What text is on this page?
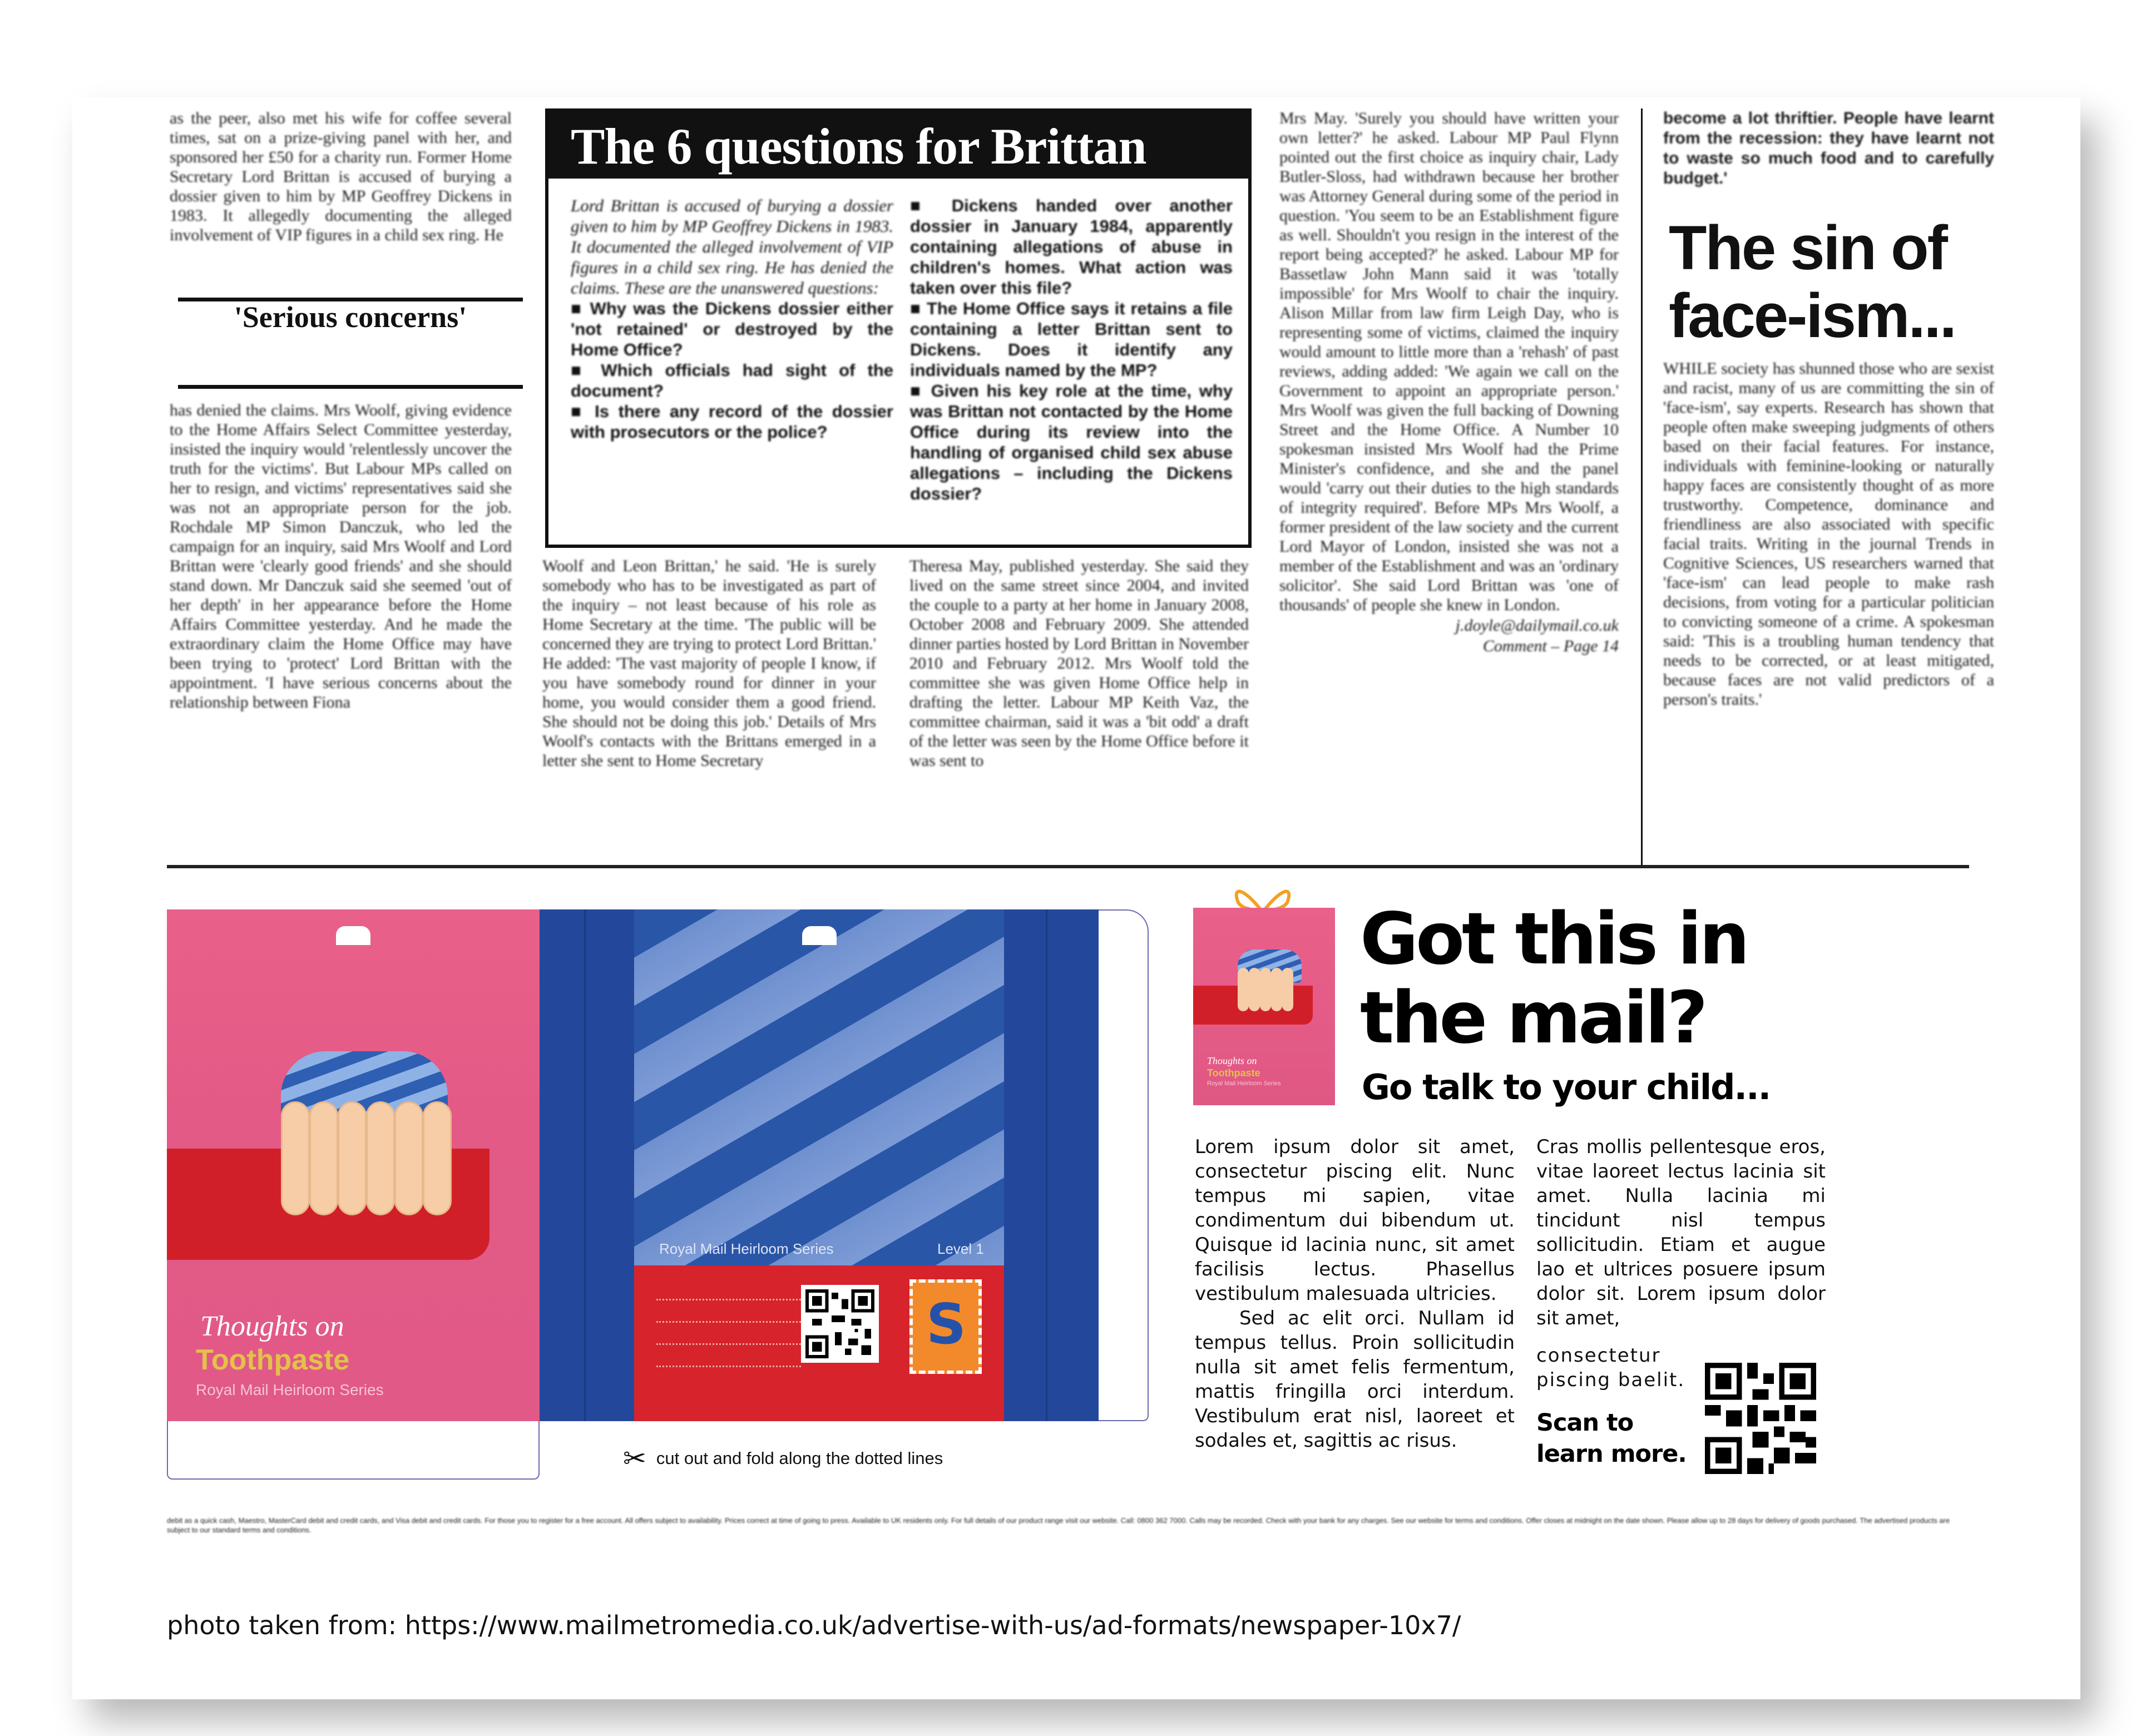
as the peer, also met his wife for coffee several times, sat on a prize-giving panel with her, and sponsored her £50 for a charity run. Former Home Secretary Lord Brittan is accused of burying a dossier given to him by MP Geoffrey Dickens in 1983. It allegedly documenting the alleged involvement of VIP figures in a child sex ring. He

'Serious concerns'

has denied the claims. Mrs Woolf, giving evidence to the Home Affairs Select Committee yesterday, insisted the inquiry would 'relentlessly uncover the truth for the victims'. But Labour MPs called on her to resign, and victims' representatives said she was not an appropriate person for the job. Rochdale MP Simon Danczuk, who led the campaign for an inquiry, said Mrs Woolf and Lord Brittan were 'clearly good friends' and she should stand down. Mr Danczuk said she seemed 'out of her depth' in her appearance before the Home Affairs Committee yesterday. And he made the extraordinary claim the Home Office may have been trying to 'protect' Lord Brittan with the appointment. 'I have serious concerns about the relationship between Fiona

The 6 questions for Brittan

Lord Brittan is accused of burying a dossier given to him by MP Geoffrey Dickens in 1983. It documented the alleged involvement of VIP figures in a child sex ring. He has denied the claims. These are the unanswered questions:

■ Why was the Dickens dossier either 'not retained' or destroyed by the Home Office?

■ Which officials had sight of the document?

■ Is there any record of the dossier with prosecutors or the police?

■ Dickens handed over another dossier in January 1984, apparently containing allegations of abuse in children's homes. What action was taken over this file?

■ The Home Office says it retains a file containing a letter Brittan sent to Dickens. Does it identify any individuals named by the MP?

■ Given his key role at the time, why was Brittan not contacted by the Home Office during its review into the handling of organised child sex abuse allegations – including the Dickens dossier?

Woolf and Leon Brittan,' he said. 'He is surely somebody who has to be investigated as part of the inquiry – not least because of his role as Home Secretary at the time. 'The public will be concerned they are trying to protect Lord Brittan.' He added: 'The vast majority of people I know, if you have somebody round for dinner in your home, you would consider them a good friend. She should not be doing this job.' Details of Mrs Woolf's contacts with the Brittans emerged in a letter she sent to Home Secretary

Theresa May, published yesterday. She said they lived on the same street since 2004, and invited the couple to a party at her home in January 2008, October 2008 and February 2009. She attended dinner parties hosted by Lord Brittan in November 2010 and February 2012. Mrs Woolf told the committee she was given Home Office help in drafting the letter. Labour MP Keith Vaz, the committee chairman, said it was a 'bit odd' a draft of the letter was seen by the Home Office before it was sent to

Mrs May. 'Surely you should have written your own letter?' he asked. Labour MP Paul Flynn pointed out the first choice as inquiry chair, Lady Butler-Sloss, had withdrawn because her brother was Attorney General during some of the period in question. 'You seem to be an Establishment figure as well. Shouldn't you resign in the interest of the report being accepted?' he asked. Labour MP for Bassetlaw John Mann said it was 'totally impossible' for Mrs Woolf to chair the inquiry. Alison Millar from law firm Leigh Day, who is representing some of victims, claimed the inquiry would amount to little more than a 'rehash' of past reviews, adding added: 'We again we call on the Government to appoint an appropriate person.' Mrs Woolf was given the full backing of Downing Street and the Home Office. A Number 10 spokesman insisted Mrs Woolf had the Prime Minister's confidence, and she and the panel would 'carry out their duties to the high standards of integrity required'. Before MPs Mrs Woolf, a former president of the law society and the current Lord Mayor of London, insisted she was not a member of the Establishment and was an 'ordinary solicitor'. She said Lord Brittan was 'one of thousands' of people she knew in London.

j.doyle@dailymail.co.uk

Comment – Page 14

become a lot thriftier. People have learnt from the recession: they have learnt not to waste so much food and to carefully budget.'

The sin of face-ism...

WHILE society has shunned those who are sexist and racist, many of us are committing the sin of 'face-ism', say experts. Research has shown that people often make sweeping judgments of others based on their facial features. For instance, individuals with feminine-looking or naturally happy faces are consistently thought of as more trustworthy. Competence, dominance and friendliness are also associated with specific facial traits. Writing in the journal Trends in Cognitive Sciences, US researchers warned that 'face-ism' can lead people to make rash decisions, from voting for a particular politician to convicting someone of a crime. A spokesman said: 'This is a troubling human tendency that needs to be corrected, or at least mitigated, because faces are not valid predictors of a person's traits.'

Thoughts on
Toothpaste
Royal Mail Heirloom Series
Royal Mail Heirloom Series	Level 1
S
✂ cut out and fold along the dotted lines
Thoughts on
Toothpaste
Royal Mail Heirloom Series
Got this in the mail?
Go talk to your child...

Lorem ipsum dolor sit amet, consectetur piscing elit. Nunc tempus mi sapien, vitae condimentum dui bibendum ut. Quisque id lacinia nunc, sit amet facilisis lectus. Phasellus vestibulum malesuada ultricies.

Sed ac elit orci. Nullam id tempus tellus. Proin sollicitudin nulla sit amet felis fermentum, mattis fringilla orci interdum. Vestibulum erat nisl, laoreet et sodales et, sagittis ac risus.

Cras mollis pellentesque eros, vitae laoreet lectus lacinia sit amet. Nulla lacinia mi tincidunt nisl tempus sollicitudin. Etiam et augue lao et ultrices posuere ipsum dolor sit. Lorem ipsum dolor sit amet,

consectetur piscing baelit.

Scan to
learn more.
debit as a quick cash, Maestro, MasterCard debit and credit cards, and Visa debit and credit cards. For those you to register for a free account. All offers subject to availability. Prices correct at time of going to press. Available to UK residents only. For full details of our product range visit our website. Call: 0800 362 7000. Calls may be recorded. Check with your bank for any charges. See our website for terms and conditions. Offer closes at midnight on the date shown. Please allow up to 28 days for delivery of goods purchased. The advertised products are subject to our standard terms and conditions.
photo taken from: https://www.mailmetromedia.co.uk/advertise-with-us/ad-formats/newspaper-10x7/
